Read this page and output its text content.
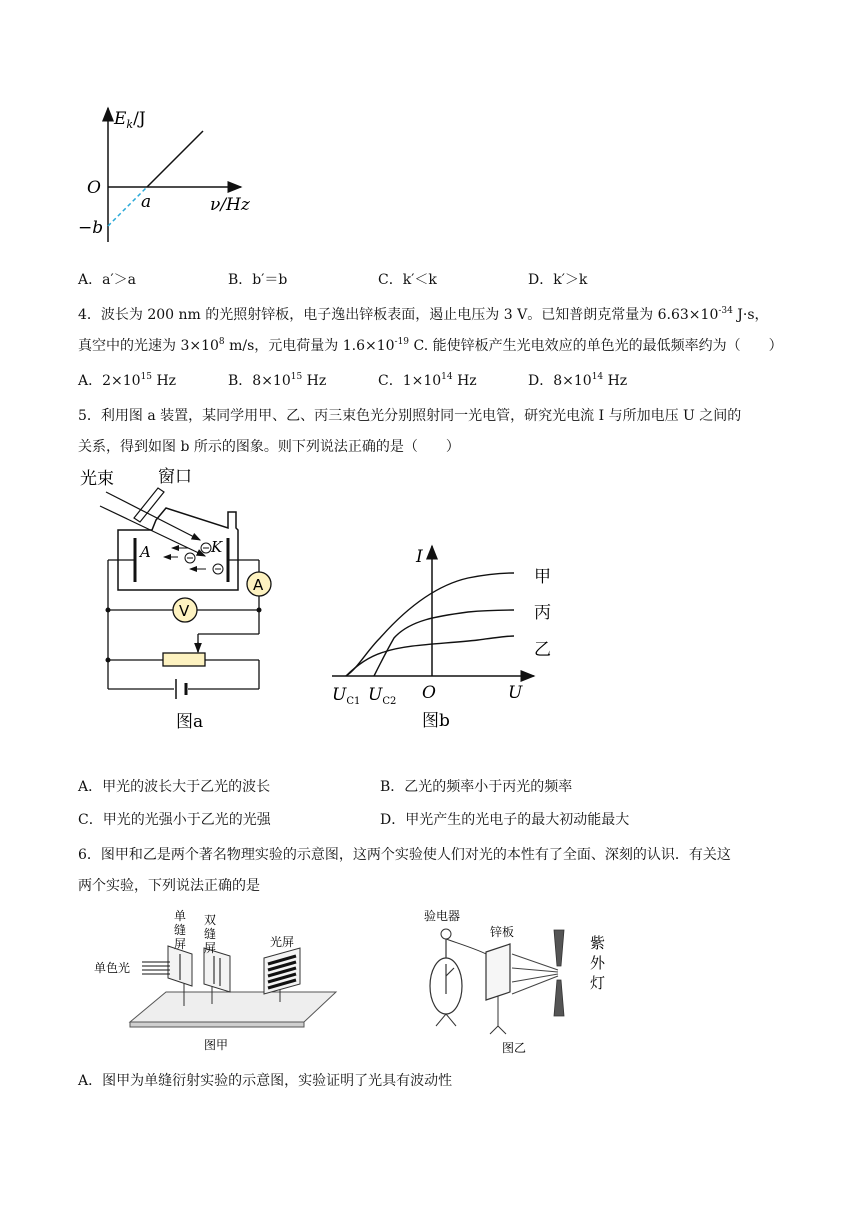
$E_k/J$
O
a	ν/Hz
−b
A．a′＞a	B．b′＝b	C．k′＜k	D．k′＞k
4．波长为 200 nm 的光照射锌板，电子逸出锌板表面，遏止电压为 3 V。已知普朗克常量为 $6.63\times 10^{-34}$ J·s，
真空中的光速为 $3\times 10^8$ m/s，元电荷量为 $1.6\times 10^{-19}$ C. 能使锌板产生光电效应的单色光的最低频率约为（　　）
A．$2\times 10^{15}$ Hz	B．$8\times 10^{15}$ Hz	C．$1\times 10^{14}$ Hz	D．$8\times 10^{14}$ Hz
5．利用图 a 装置，某同学用甲、乙、丙三束色光分别照射同一光电管，研究光电流 I 与所加电压 U 之间的
关系，得到如图 b 所示的图象。则下列说法正确的是（　　）
光束	窗口
A	K
A
V
图a
I
甲
丙
乙
$U_{C1}$ $U_{C2}$ O	U
图b
A．甲光的波长大于乙光的波长	B．乙光的频率小于丙光的频率
C．甲光的光强小于乙光的光强	D．甲光产生的光电子的最大初动能最大
6．图甲和乙是两个著名物理实验的示意图，这两个实验使人们对光的本性有了全面、深刻的认识．有关这
两个实验，下列说法正确的是
单色光
单缝屏
双缝屏	光屏
图甲
验电器
锌板
紫外灯
图乙
A．图甲为单缝衍射实验的示意图，实验证明了光具有波动性
